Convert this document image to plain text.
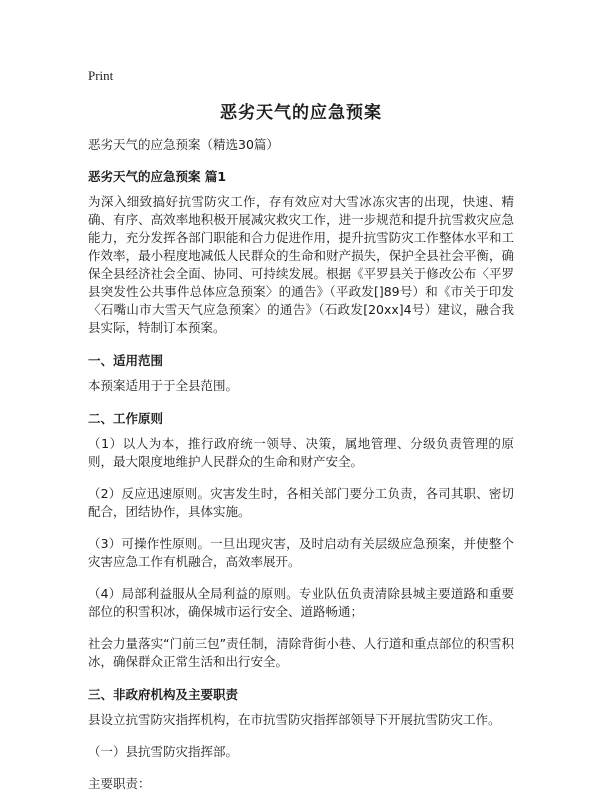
Print
恶劣天气的应急预案
恶劣天气的应急预案（精选30篇）
恶劣天气的应急预案 篇1

为深入细致搞好抗雪防灾工作，存有效应对大雪冰冻灾害的出现，快速、精确、有序、高效率地积极开展减灾救灾工作，进一步规范和提升抗雪救灾应急能力，充分发挥各部门职能和合力促进作用，提升抗雪防灾工作整体水平和工作效率，最小程度地减低人民群众的生命和财产损失，保护全县社会平衡，确保全县经济社会全面、协同、可持续发展。根据《平罗县关于修改公布〈平罗县突发性公共事件总体应急预案〉的通告》（平政发[]89号）和《市关于印发〈石嘴山市大雪天气应急预案〉的通告》（石政发[20xx]4号）建议，融合我县实际，特制订本预案。

一、适用范围

本预案适用于于全县范围。

二、工作原则

（1）以人为本，推行政府统一领导、决策，属地管理、分级负责管理的原则，最大限度地维护人民群众的生命和财产安全。

（2）反应迅速原则。灾害发生时，各相关部门要分工负责，各司其职、密切配合，团结协作，具体实施。

（3）可操作性原则。一旦出现灾害，及时启动有关层级应急预案，并使整个灾害应急工作有机融合，高效率展开。

（4）局部利益服从全局利益的原则。专业队伍负责清除县城主要道路和重要部位的积雪积冰，确保城市运行安全、道路畅通；

社会力量落实“门前三包”责任制，清除背街小巷、人行道和重点部位的积雪积冰，确保群众正常生活和出行安全。

三、非政府机构及主要职责

县设立抗雪防灾指挥机构，在市抗雪防灾指挥部领导下开展抗雪防灾工作。

（一）县抗雪防灾指挥部。

主要职责：
